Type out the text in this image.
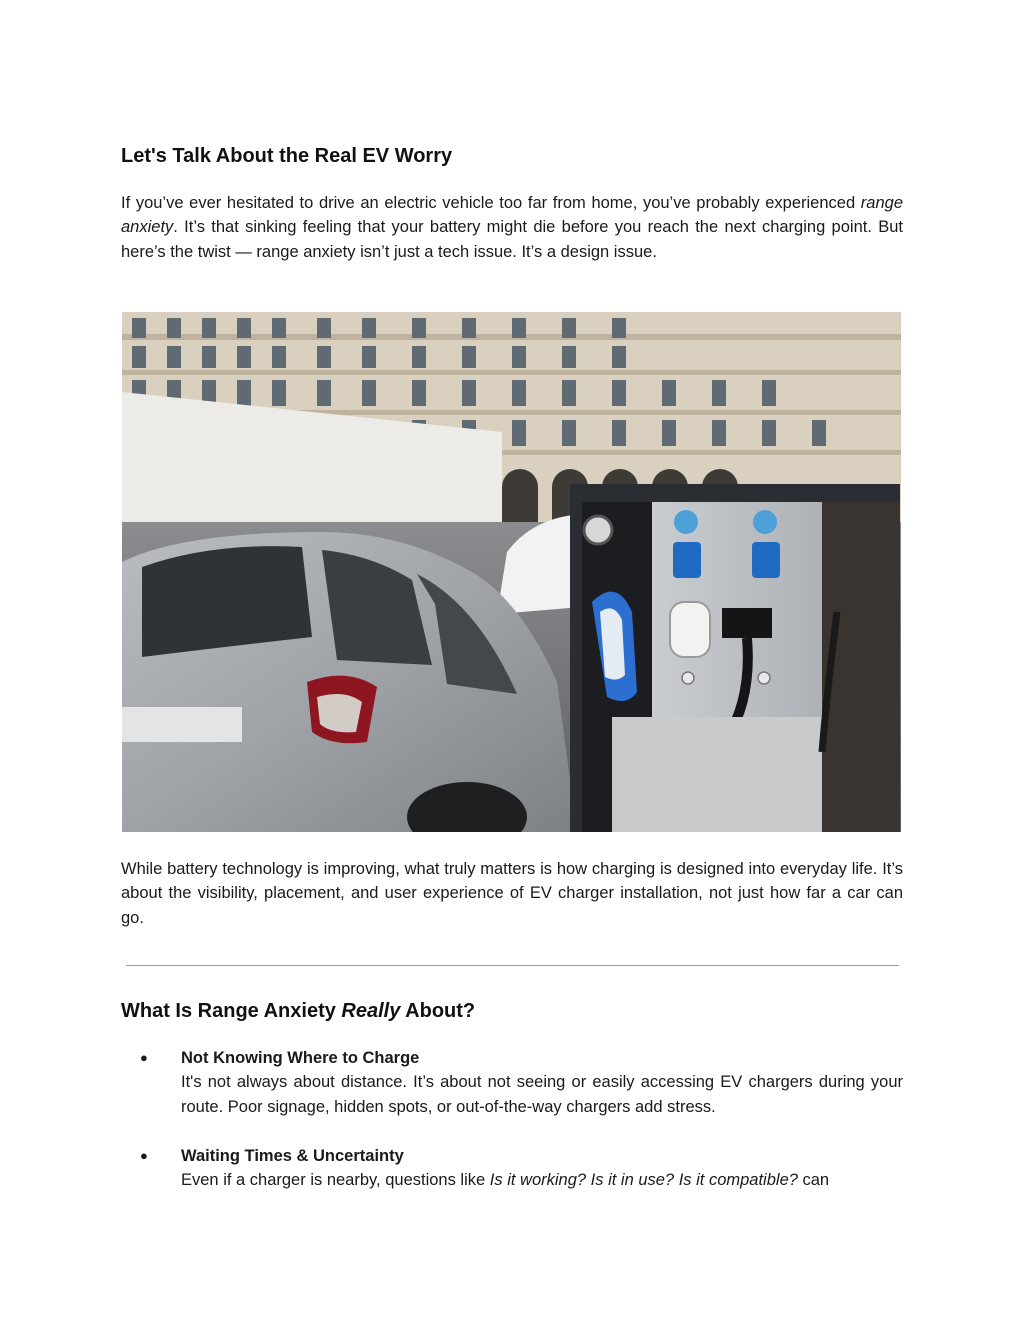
Let's Talk About the Real EV Worry

If you’ve ever hesitated to drive an electric vehicle too far from home, you’ve probably experienced range anxiety. It’s that sinking feeling that your battery might die before you reach the next charging point. But here’s the twist — range anxiety isn’t just a tech issue. It’s a design issue.

While battery technology is improving, what truly matters is how charging is designed into everyday life. It’s about the visibility, placement, and user experience of EV charger installation, not just how far a car can go.

What Is Range Anxiety Really About?
● Not Knowing Where to Charge
It's not always about distance. It’s about not seeing or easily accessing EV chargers during your route. Poor signage, hidden spots, or out-of-the-way chargers add stress.
● Waiting Times & Uncertainty
Even if a charger is nearby, questions like Is it working? Is it in use? Is it compatible? can
